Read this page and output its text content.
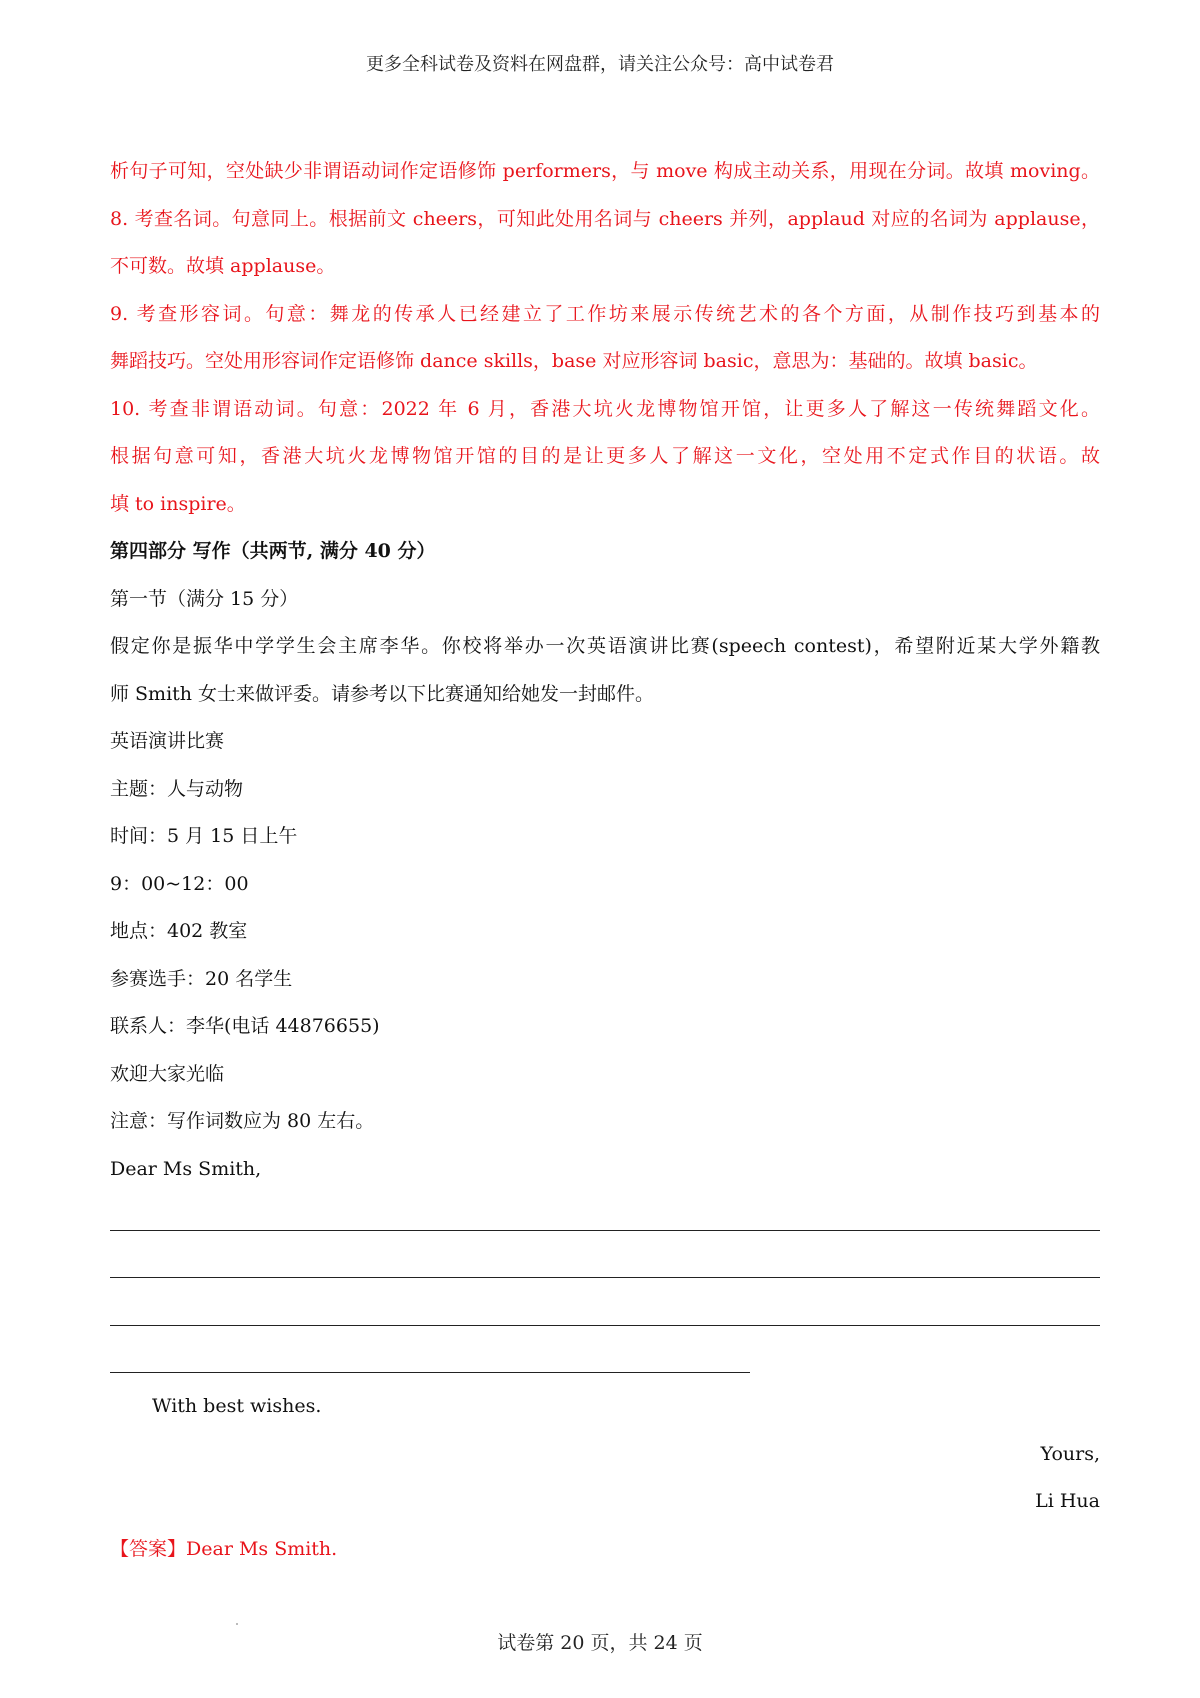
更多全科试卷及资料在网盘群，请关注公众号：高中试卷君
析句子可知，空处缺少非谓语动词作定语修饰 performers，与 move 构成主动关系，用现在分词。故填 moving。
8. 考查名词。句意同上。根据前文 cheers，可知此处用名词与 cheers 并列，applaud 对应的名词为 applause，
不可数。故填 applause。
9. 考查形容词。句意：舞龙的传承人已经建立了工作坊来展示传统艺术的各个方面，从制作技巧到基本的
舞蹈技巧。空处用形容词作定语修饰 dance skills，base 对应形容词 basic，意思为：基础的。故填 basic。
10. 考查非谓语动词。句意：2022 年 6 月，香港大坑火龙博物馆开馆，让更多人了解这一传统舞蹈文化。
根据句意可知，香港大坑火龙博物馆开馆的目的是让更多人了解这一文化，空处用不定式作目的状语。故
填 to inspire。
第四部分 写作（共两节, 满分 40 分）
第一节（满分 15 分）
假定你是振华中学学生会主席李华。你校将举办一次英语演讲比赛(speech contest)，希望附近某大学外籍教
师 Smith 女士来做评委。请参考以下比赛通知给她发一封邮件。
英语演讲比赛
主题：人与动物
时间：5 月 15 日上午
9：00~12：00
地点：402 教室
参赛选手：20 名学生
联系人：李华(电话 44876655)
欢迎大家光临
注意：写作词数应为 80 左右。
Dear Ms Smith,
With best wishes.
Yours,
Li Hua
【答案】Dear Ms Smith.
试卷第 20 页，共 24 页
